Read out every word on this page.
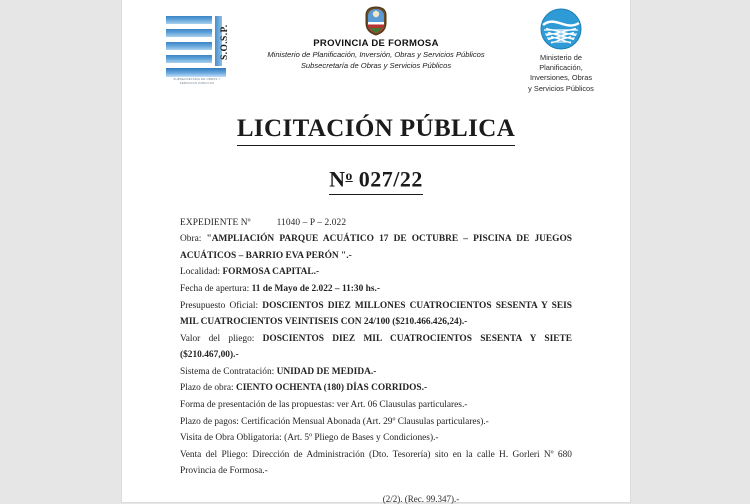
S.O.S.P.
SUBSECRETARIA DE OBRAS Y SERVICIOS PUBLICOS
PROVINCIA DE FORMOSA
Ministerio de Planificación, Inversión, Obras y Servicios Públicos
Subsecretaría de Obras y Servicios Públicos
Ministerio de
Planificación,
Inversiones, Obras
y Servicios Públicos
LICITACIÓN PÚBLICA
$N^o$ 027/22
EXPEDIENTE Nº	11040 – P – 2.022
Obra: "AMPLIACIÓN PARQUE ACUÁTICO 17 DE OCTUBRE – PISCINA DE JUEGOS ACUÁTICOS – BARRIO EVA PERÓN ".-
Localidad: FORMOSA CAPITAL.-
Fecha de apertura: 11 de Mayo de 2.022 – 11:30 hs.-
Presupuesto Oficial: DOSCIENTOS DIEZ MILLONES CUATROCIENTOS SESENTA Y SEIS MIL CUATROCIENTOS VEINTISEIS CON 24/100 ($210.466.426,24).-
Valor del pliego: DOSCIENTOS DIEZ MIL CUATROCIENTOS SESENTA Y SIETE ($210.467,00).-
Sistema de Contratación: UNIDAD DE MEDIDA.-
Plazo de obra: CIENTO OCHENTA (180) DÍAS CORRIDOS.-
Forma de presentación de las propuestas: ver Art. 06 Clausulas particulares.-
Plazo de pagos: Certificación Mensual Abonada (Art. 29º Clausulas particulares).-
Visita de Obra Obligatoria: (Art. 5º Pliego de Bases y Condiciones).-
Venta del Pliego: Dirección de Administración (Dto. Tesorería) sito en la calle H. Gorleri Nº 680 Provincia de Formosa.-
(2/2). (Rec. 99.347).-
